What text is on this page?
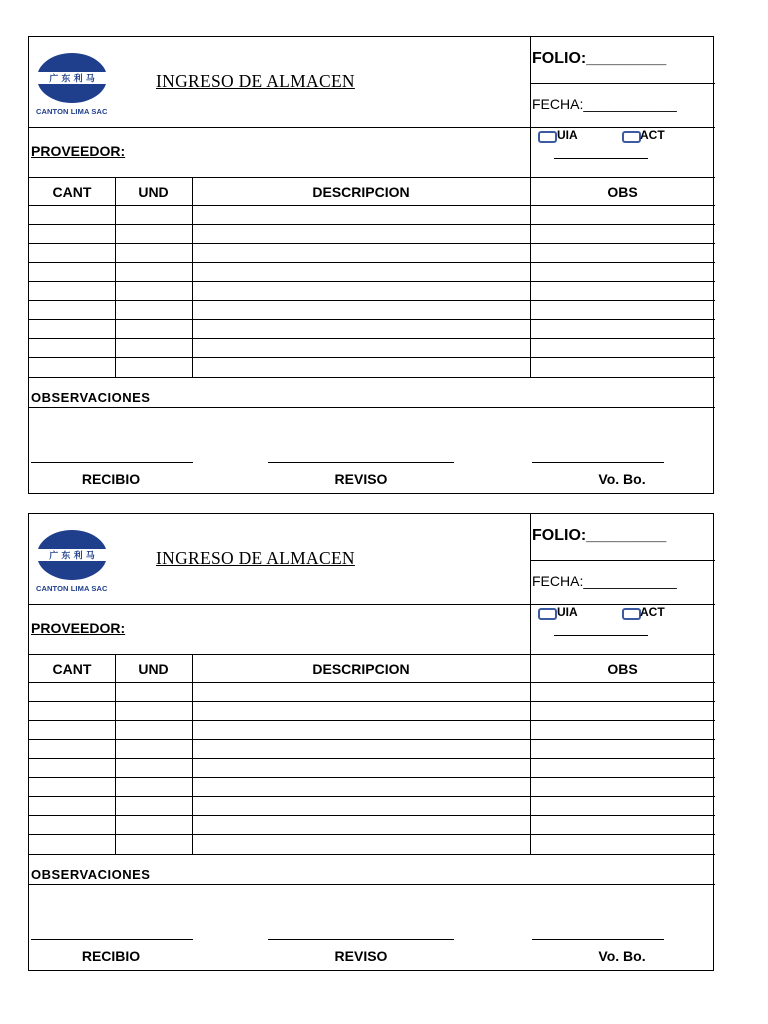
广 东 利 马
CANTON LIMA SAC
INGRESO DE ALMACEN
FOLIO:_________
FECHA:____________
UIA	ACT
PROVEEDOR:
CANT	UND	DESCRIPCION	OBS
OBSERVACIONES
RECIBIO	REVISO	Vo. Bo.
广 东 利 马
CANTON LIMA SAC
INGRESO DE ALMACEN
FOLIO:_________
FECHA:____________
UIA	ACT
PROVEEDOR:
CANT	UND	DESCRIPCION	OBS
OBSERVACIONES
RECIBIO	REVISO	Vo. Bo.
